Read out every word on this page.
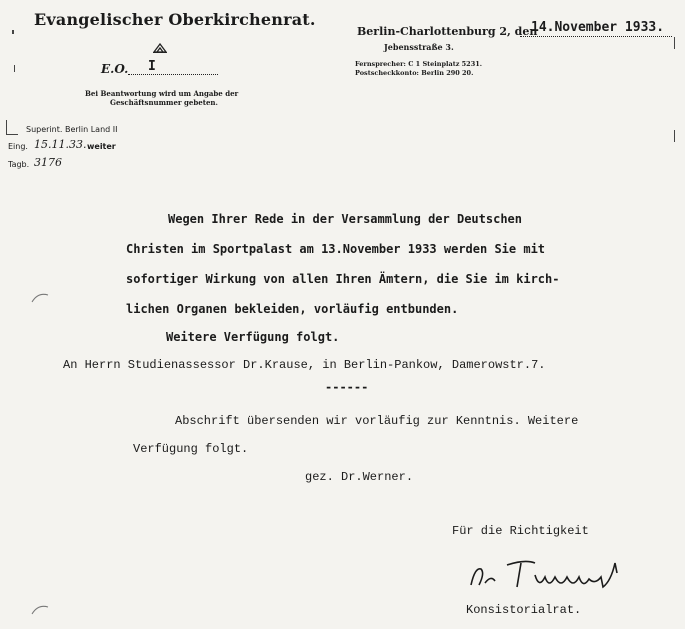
Evangelischer Oberkirchenrat.
E.O. I
Bei Beantwortung wird um Angabe der
Geschäftsnummer gebeten.
Berlin-Charlottenburg 2, den
14.November 1933.
Jebensstraße 3.
Fernsprecher: C 1 Steinplatz 5231.
Postscheckkonto: Berlin 290 20.
Superint. Berlin Land II
Eing. 15.11.33. weiter
Tagb. 3176
Wegen Ihrer Rede in der Versammlung der Deutschen
Christen im Sportpalast am 13.November 1933 werden Sie mit
sofortiger Wirkung von allen Ihren Ämtern, die Sie im kirch-
lichen Organen bekleiden, vorläufig entbunden.
Weitere Verfügung folgt.
An Herrn Studienassessor Dr.Krause, in Berlin-Pankow, Damerowstr.7.
------
Abschrift übersenden wir vorläufig zur Kenntnis. Weitere
Verfügung folgt.
gez. Dr.Werner.
Für die Richtigkeit
Konsistorialrat.
